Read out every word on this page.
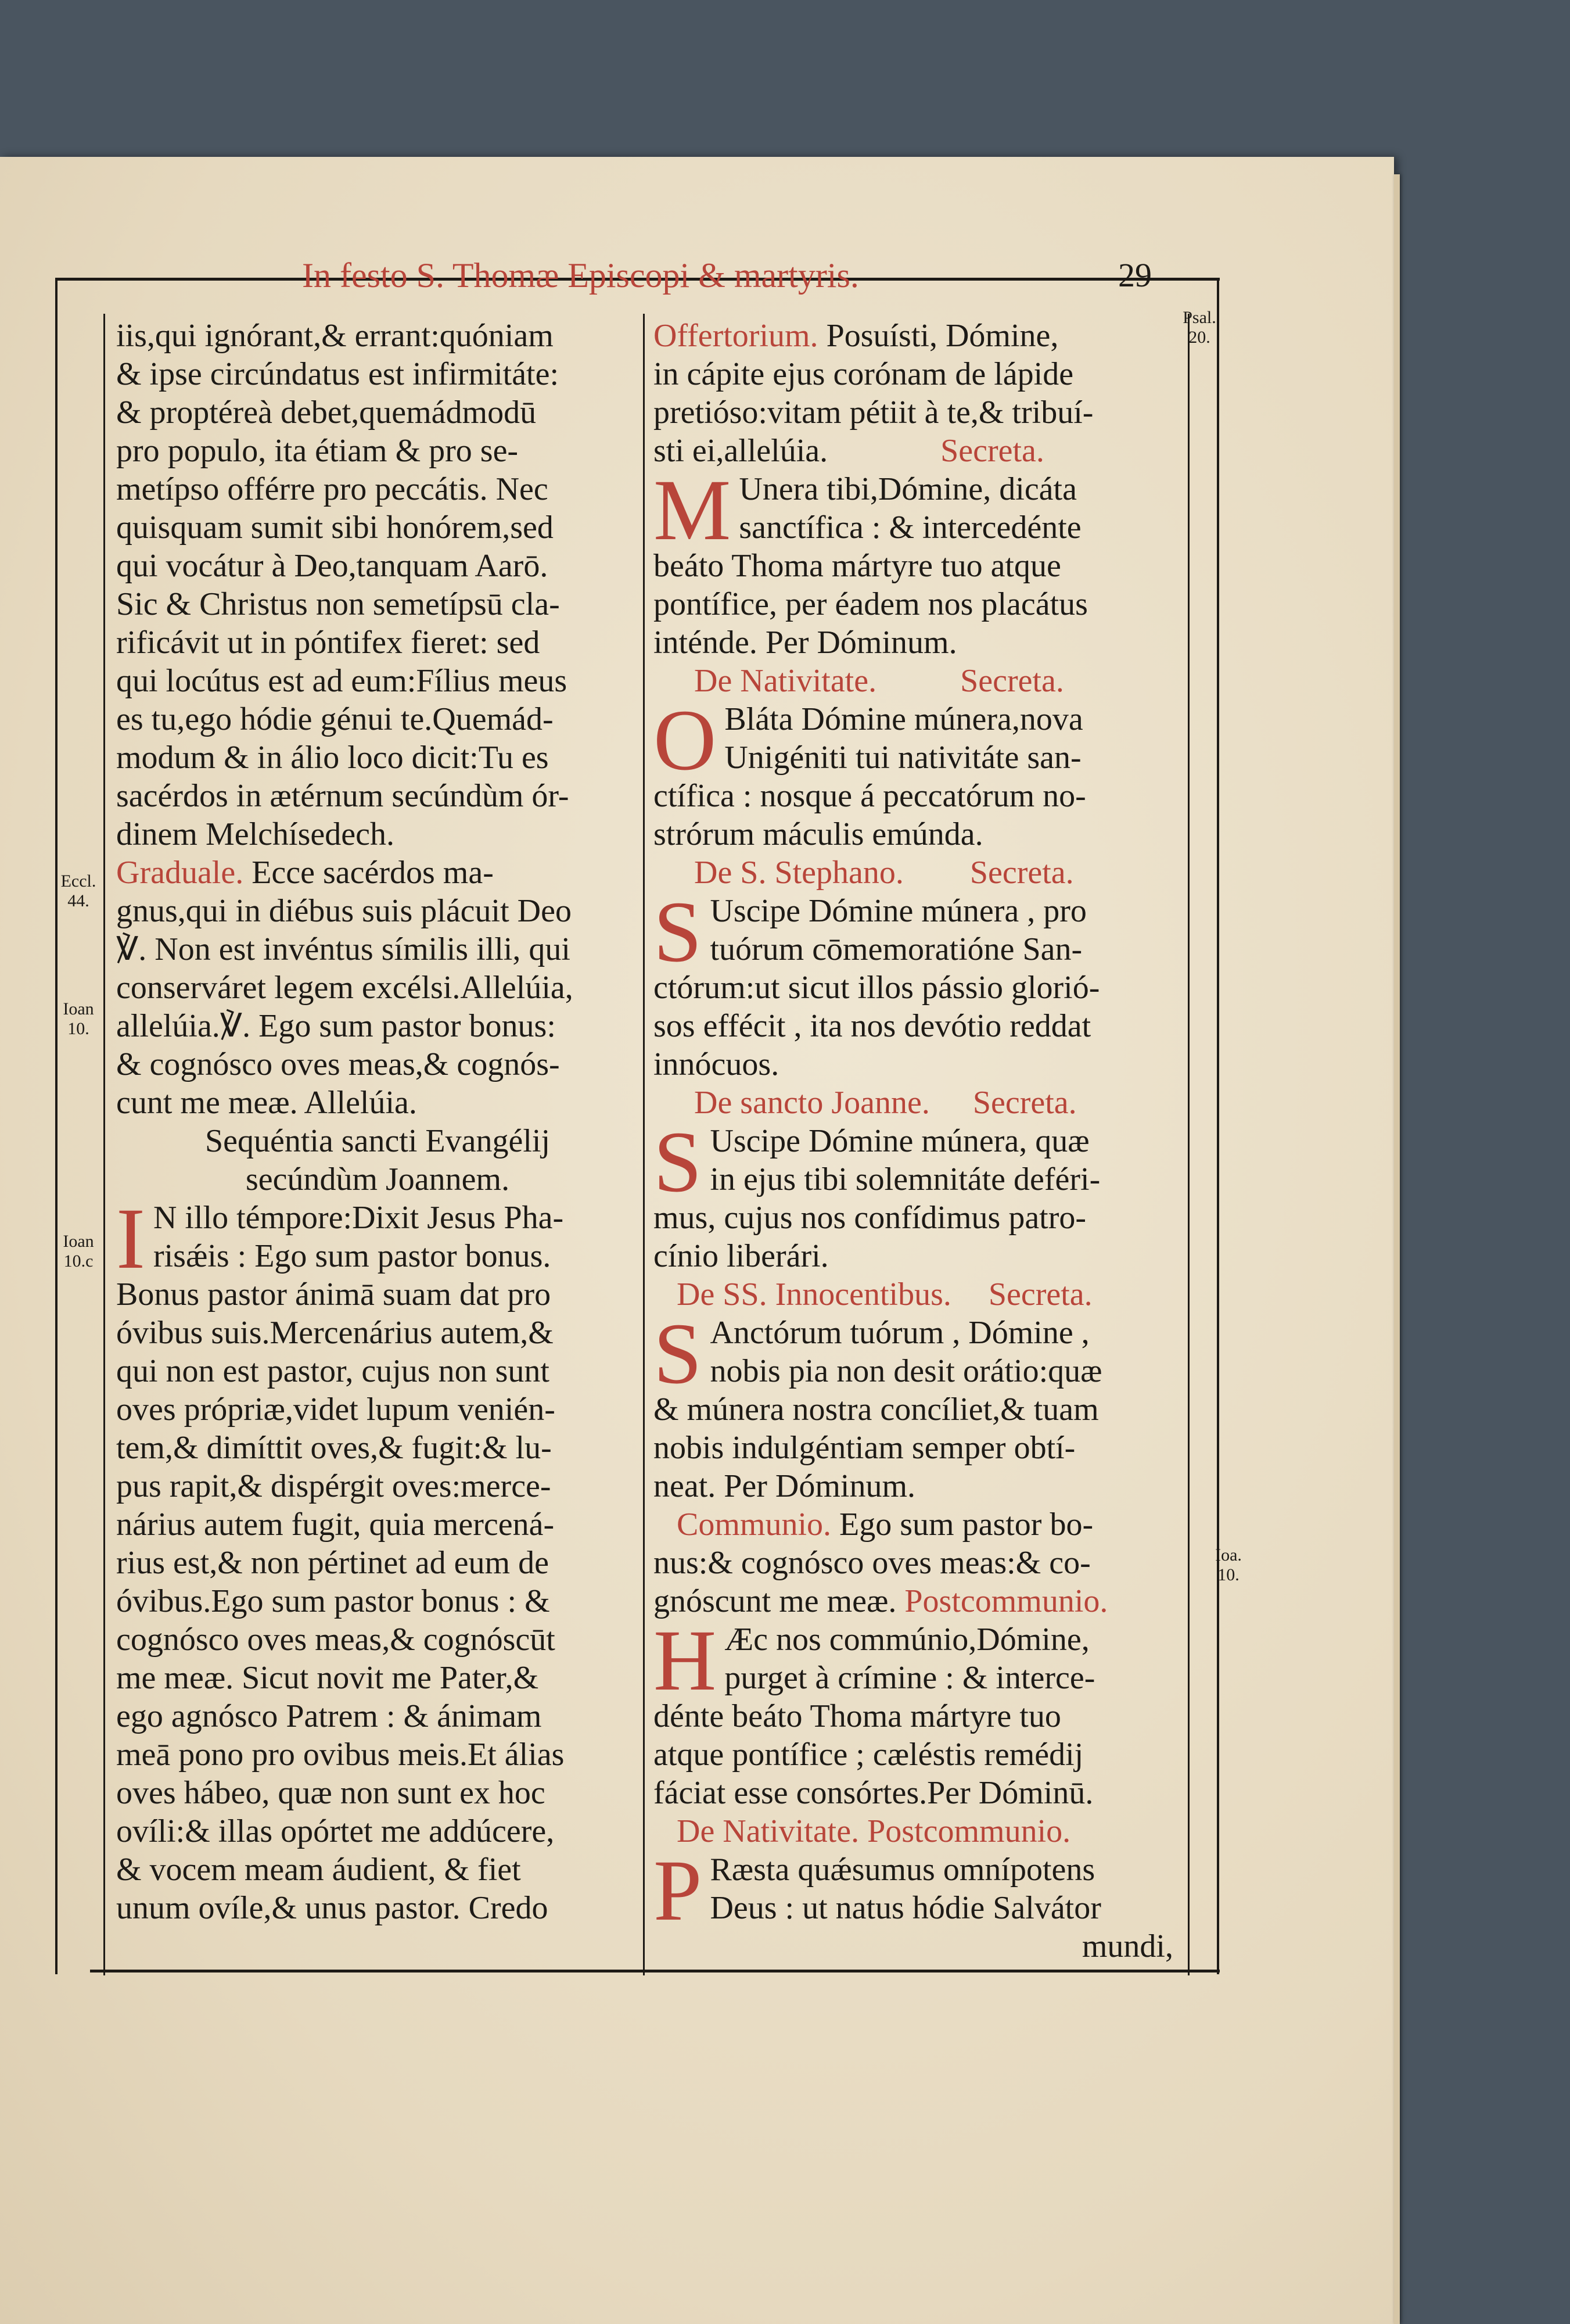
In festo S. Thomæ Episcopi & martyris.	29
Eccl.
44.
Ioan
10.
Ioan
10.c
Psal.
20.
Ioa.
10.
iis,qui ignórant,& errant:quóniam
& ipse circúndatus est infirmitáte:
& proptéreà debet,quemádmodū
pro populo, ita étiam & pro se-
metípso offérre pro peccátis. Nec
quisquam sumit sibi honórem,sed
qui vocátur à Deo,tanquam Aarō.
Sic & Christus non semetípsū cla-
rificávit ut in póntifex fieret: sed
qui locútus est ad eum:Fílius meus
es tu,ego hódie génui te.Quemád-
modum & in álio loco dicit:Tu es
sacérdos in ætérnum secúndùm ór-
dinem Melchísedech.
Graduale. Ecce sacérdos ma-
gnus,qui in diébus suis plácuit Deo
℣. Non est invéntus símilis illi, qui
conserváret legem excélsi.Allelúia,
allelúia.℣. Ego sum pastor bonus:
& cognósco oves meas,& cognós-
cunt me meæ. Allelúia.
Sequéntia sancti Evangélij
secúndùm Joannem.
I N illo témpore:Dixit Jesus Pha-
risǽis : Ego sum pastor bonus.
Bonus pastor ánimā suam dat pro
óvibus suis.Mercenárius autem,&
qui non est pastor, cujus non sunt
oves própriæ,videt lupum venién-
tem,& dimíttit oves,& fugit:& lu-
pus rapit,& dispérgit oves:merce-
nárius autem fugit, quia mercená-
rius est,& non pértinet ad eum de
óvibus.Ego sum pastor bonus : &
cognósco oves meas,& cognóscūt
me meæ. Sicut novit me Pater,&
ego agnósco Patrem : & ánimam
meā pono pro ovibus meis.Et álias
oves hábeo, quæ non sunt ex hoc
ovíli:& illas opórtet me addúcere,
& vocem meam áudient, & fiet
unum ovíle,& unus pastor. Credo
Offertorium. Posuísti, Dómine,
in cápite ejus corónam de lápide
pretióso:vitam pétiit à te,& tribuí-
sti ei,allelúia.	Secreta.
M Unera tibi,Dómine, dicáta
sanctífica : & intercedénte
beáto Thoma mártyre tuo atque
pontífice, per éadem nos placátus
inténde. Per Dóminum.
De Nativitate.	Secreta.
O Bláta Dómine múnera,nova
Unigéniti tui nativitáte san-
ctífica : nosque á peccatórum no-
strórum máculis emúnda.
De S. Stephano. Secreta.
S Uscipe Dómine múnera , pro
tuórum cōmemoratióne San-
ctórum:ut sicut illos pássio glorió-
sos effécit , ita nos devótio reddat
innócuos.
De sancto Joanne. Secreta.
S Uscipe Dómine múnera, quæ
in ejus tibi solemnitáte deféri-
mus, cujus nos confídimus patro-
cínio liberári.
De SS. Innocentibus. Secreta.
S Anctórum tuórum , Dómine ,
nobis pia non desit orátio:quæ
& múnera nostra concíliet,& tuam
nobis indulgéntiam semper obtí-
neat. Per Dóminum.
Communio. Ego sum pastor bo-
nus:& cognósco oves meas:& co-
gnóscunt me meæ. Postcommunio.
H Æc nos commúnio,Dómine,
purget à crímine : & interce-
dénte beáto Thoma mártyre tuo
atque pontífice ; cæléstis remédij
fáciat esse consórtes.Per Dóminū.
De Nativitate. Postcommunio.
P Ræsta quǽsumus omnípotens
Deus : ut natus hódie Salvátor
mundi,
